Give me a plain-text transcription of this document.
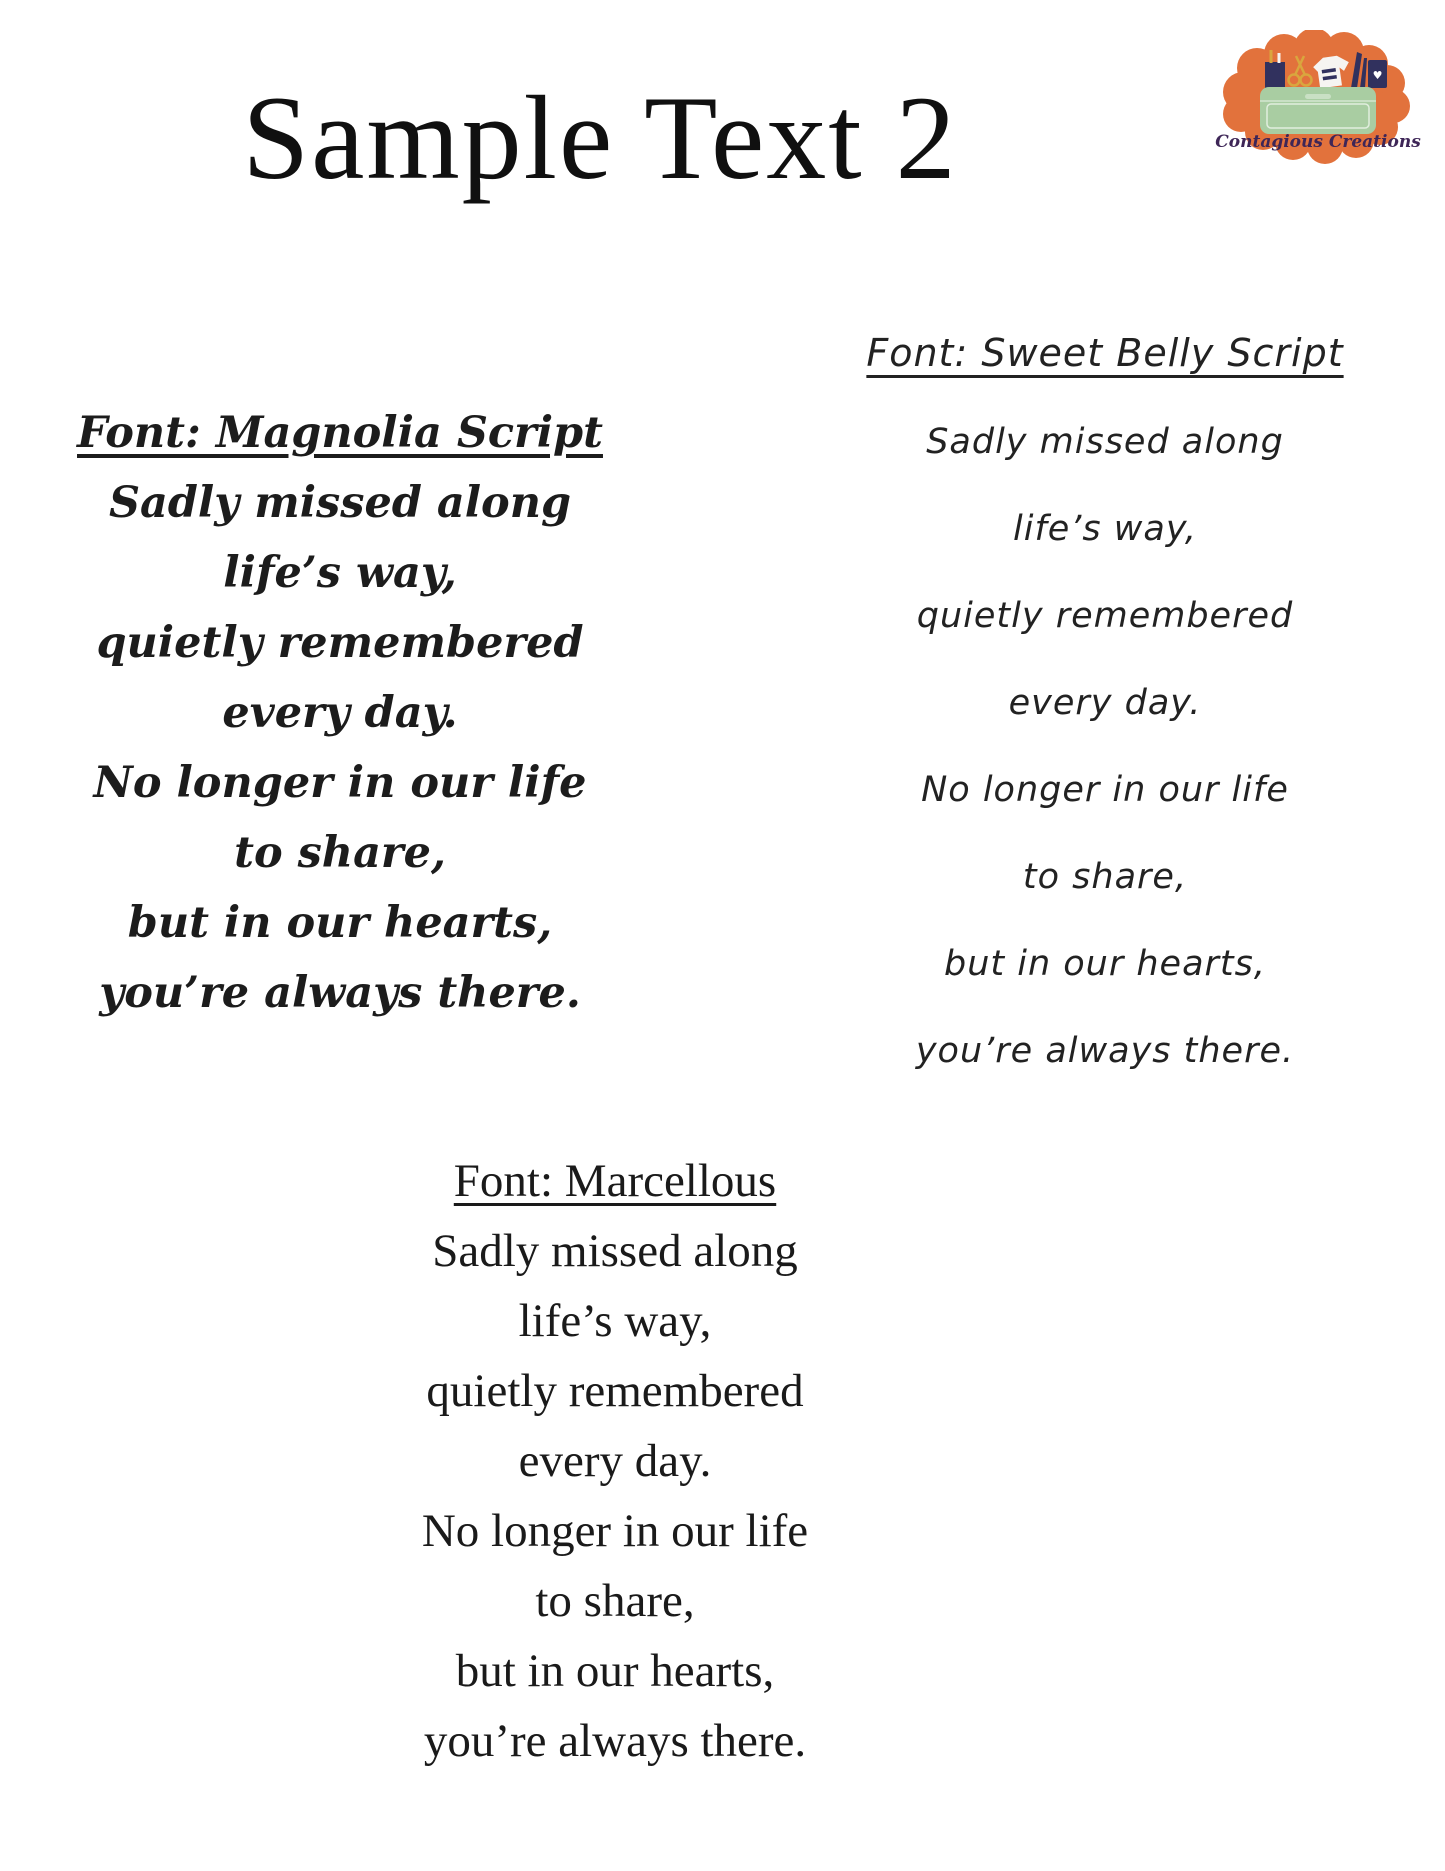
Sample Text 2	♥
Contagious Creations
Font: Magnolia Script
Sadly missed along
life’s way,
quietly remembered
every day.
No longer in our life
to share,
but in our hearts,
you’re always there.
Font: Sweet Belly Script
Sadly missed along
life’s way,
quietly remembered
every day.
No longer in our life
to share,
but in our hearts,
you’re always there.
Font: Marcellous
Sadly missed along
life’s way,
quietly remembered
every day.
No longer in our life
to share,
but in our hearts,
you’re always there.
